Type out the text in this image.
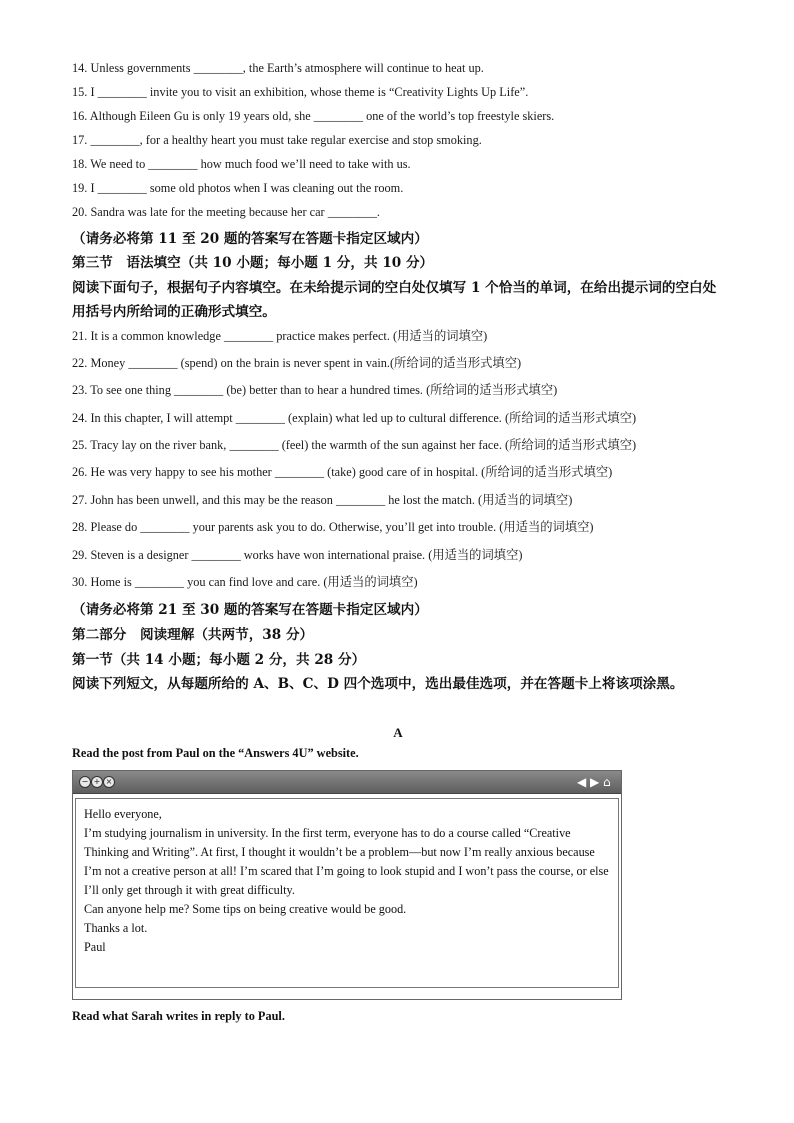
14. Unless governments ________, the Earth’s atmosphere will continue to heat up.
15. I ________ invite you to visit an exhibition, whose theme is “Creativity Lights Up Life”.
16. Although Eileen Gu is only 19 years old, she ________ one of the world’s top freestyle skiers.
17. ________, for a healthy heart you must take regular exercise and stop smoking.
18. We need to ________ how much food we’ll need to take with us.
19. I ________ some old photos when I was cleaning out the room.
20. Sandra was late for the meeting because her car ________.
（请务必将第 11 至 20 题的答案写在答题卡指定区域内）
第三节　语法填空（共 10 小题；每小题 1 分，共 10 分）
阅读下面句子，根据句子内容填空。在未给提示词的空白处仅填写 1 个恰当的单词，在给出提示词的空白处用括号内所给词的正确形式填空。
21. It is a common knowledge ________ practice makes perfect. (用适当的词填空)
22. Money ________ (spend) on the brain is never spent in vain.(所给词的适当形式填空)
23. To see one thing ________ (be) better than to hear a hundred times. (所给词的适当形式填空)
24. In this chapter, I will attempt ________ (explain) what led up to cultural difference. (所给词的适当形式填空)
25. Tracy lay on the river bank, ________ (feel) the warmth of the sun against her face. (所给词的适当形式填空)
26. He was very happy to see his mother ________ (take) good care of in hospital. (所给词的适当形式填空)
27. John has been unwell, and this may be the reason ________ he lost the match. (用适当的词填空)
28. Please do ________ your parents ask you to do. Otherwise, you’ll get into trouble. (用适当的词填空)
29. Steven is a designer ________ works have won international praise. (用适当的词填空)
30. Home is ________ you can find love and care. (用适当的词填空)
（请务必将第 21 至 30 题的答案写在答题卡指定区域内）
第二部分　阅读理解（共两节，38 分）
第一节（共 14 小题；每小题 2 分，共 28 分）
阅读下列短文，从每题所给的 A、B、C、D 四个选项中，选出最佳选项，并在答题卡上将该项涂黑。
A
Read the post from Paul on the “Answers 4U” website.
− + ×	◀ ▶ ⌂

Hello everyone,

I’m studying journalism in university. In the first term, everyone has to do a course called “Creative Thinking and Writing”. At first, I thought it wouldn’t be a problem—but now I’m really anxious because I’m not a creative person at all! I’m scared that I’m going to look stupid and I won’t pass the course, or else I’ll only get through it with great difficulty.

Can anyone help me? Some tips on being creative would be good.

Thanks a lot.

Paul

Read what Sarah writes in reply to Paul.
